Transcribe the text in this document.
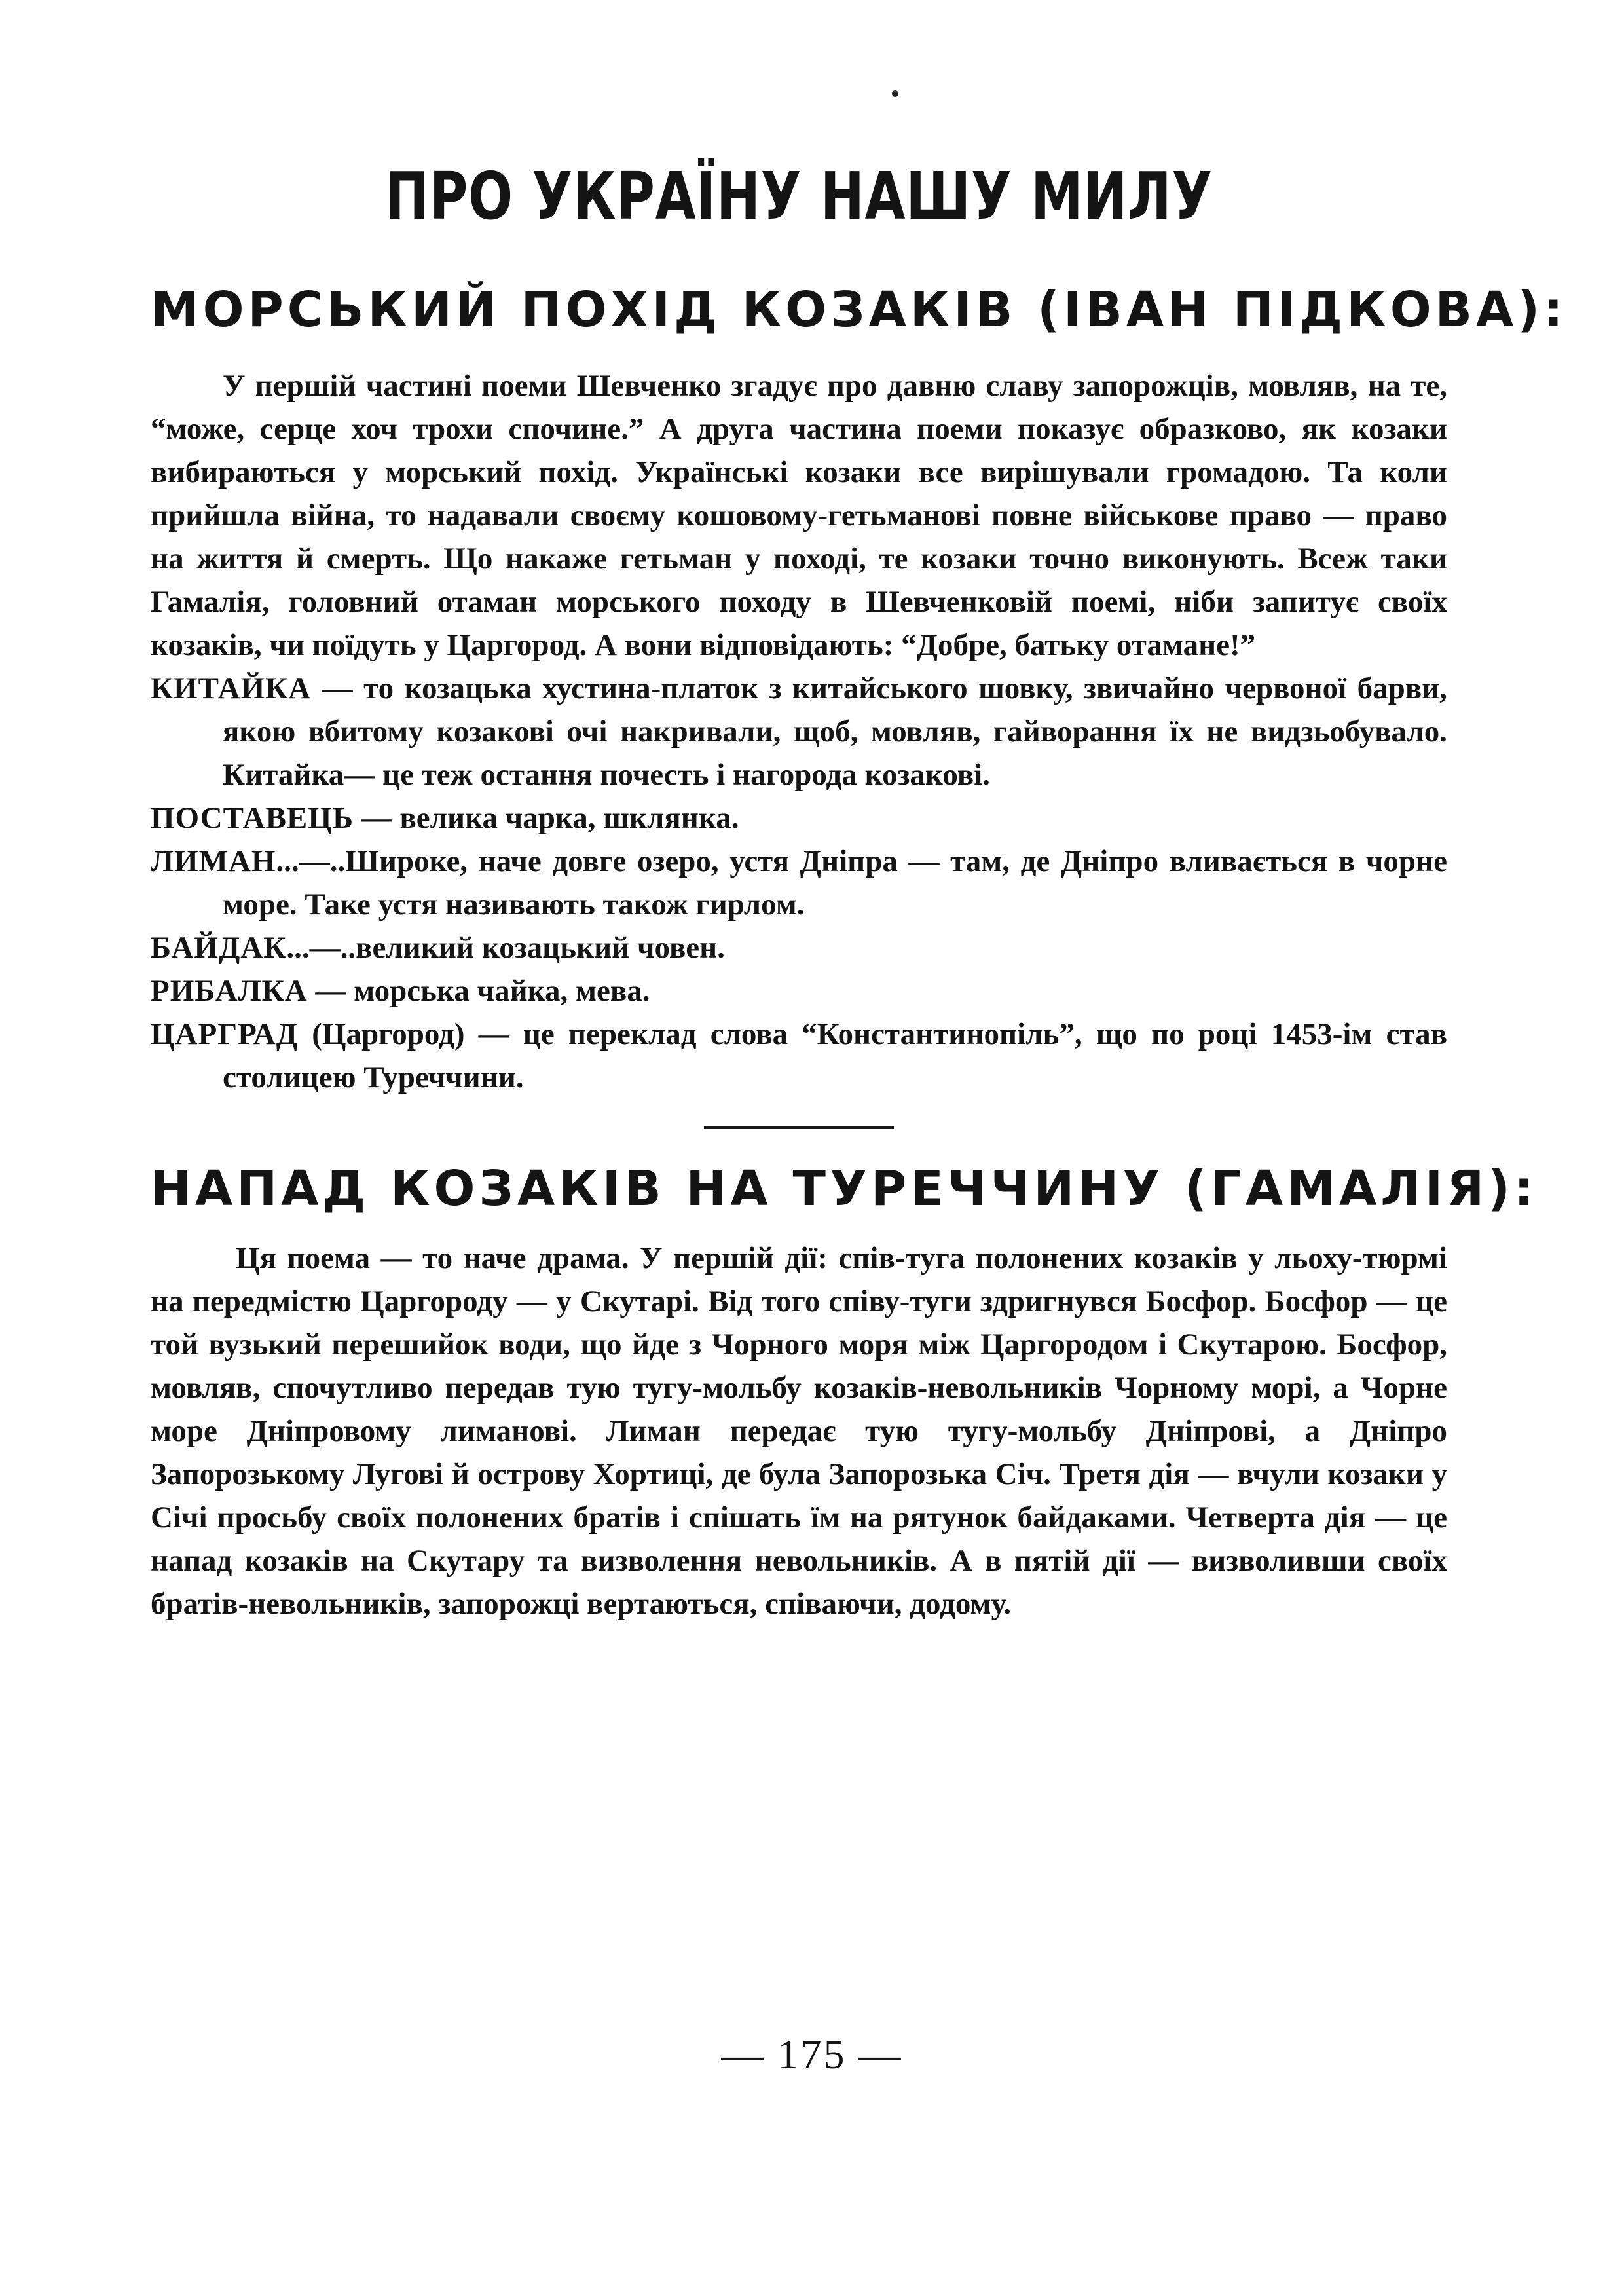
ПРО УКРАЇНУ НАШУ МИЛУ
МОРСЬКИЙ ПОХІД КОЗАКІВ (ІВАН ПІДКОВА):

У першій частині поеми Шевченко згадує про давню славу запорожців, мовляв, на те, “може, серце хоч трохи спочине.” А друга частина поеми показує образково, як козаки вибираються у морський похід. Українські козаки все вирішували громадою. Та коли прийшла війна, то надавали своєму кошовому-гетьманові повне військове право — право на життя й смерть. Що накаже гетьман у поході, те козаки точно виконують. Всеж таки Гамалія, головний отаман морського походу в Шевченковій поемі, ніби запитує своїх козаків, чи поїдуть у Царгород. А вони відповідають: “Добре, батьку отамане!”

КИТАЙКА — то козацька хустина-платок з китайського шовку, звичайно червоної барви, якою вбитому козакові очі накривали, щоб, мовляв, гайворання їх не видзьобувало. Китайка— це теж остання почесть і нагорода козакові.

ПОСТАВЕЦЬ — велика чарка, шклянка.

ЛИМАН...—..Широке, наче довге озеро, устя Дніпра — там, де Дніпро вливається в чорне море. Таке устя називають також гирлом.

БАЙДАК...—..великий козацький човен.

РИБАЛКА — морська чайка, мева.

ЦАРГРАД (Царгород) — це переклад слова “Константинопіль”, що по році 1453-ім став столицею Туреччини.

НАПАД КОЗАКІВ НА ТУРЕЧЧИНУ (ГАМАЛІЯ):

Ця поема — то наче драма. У першій дії: спів-туга полонених козаків у льоху-тюрмі на передмістю Царгороду — у Скутарі. Від того співу-туги здригнувся Босфор. Босфор — це той вузький перешийок води, що йде з Чорного моря між Царгородом і Скутарою. Босфор, мовляв, спочутливо передав тую тугу-мольбу козаків-невольників Чорному морі, а Чорне море Дніпровому лиманові. Лиман передає тую тугу-мольбу Дніпрові, а Дніпро Запорозькому Лугові й острову Хортиці, де була Запорозька Січ. Третя дія — вчули козаки у Січі просьбу своїх полонених братів і спішать їм на рятунок байдаками. Четверта дія — це напад козаків на Скутару та визволення невольників. А в пятій дії — визволивши своїх братів-невольників, запорожці вертаються, співаючи, додому.

— 175 —
